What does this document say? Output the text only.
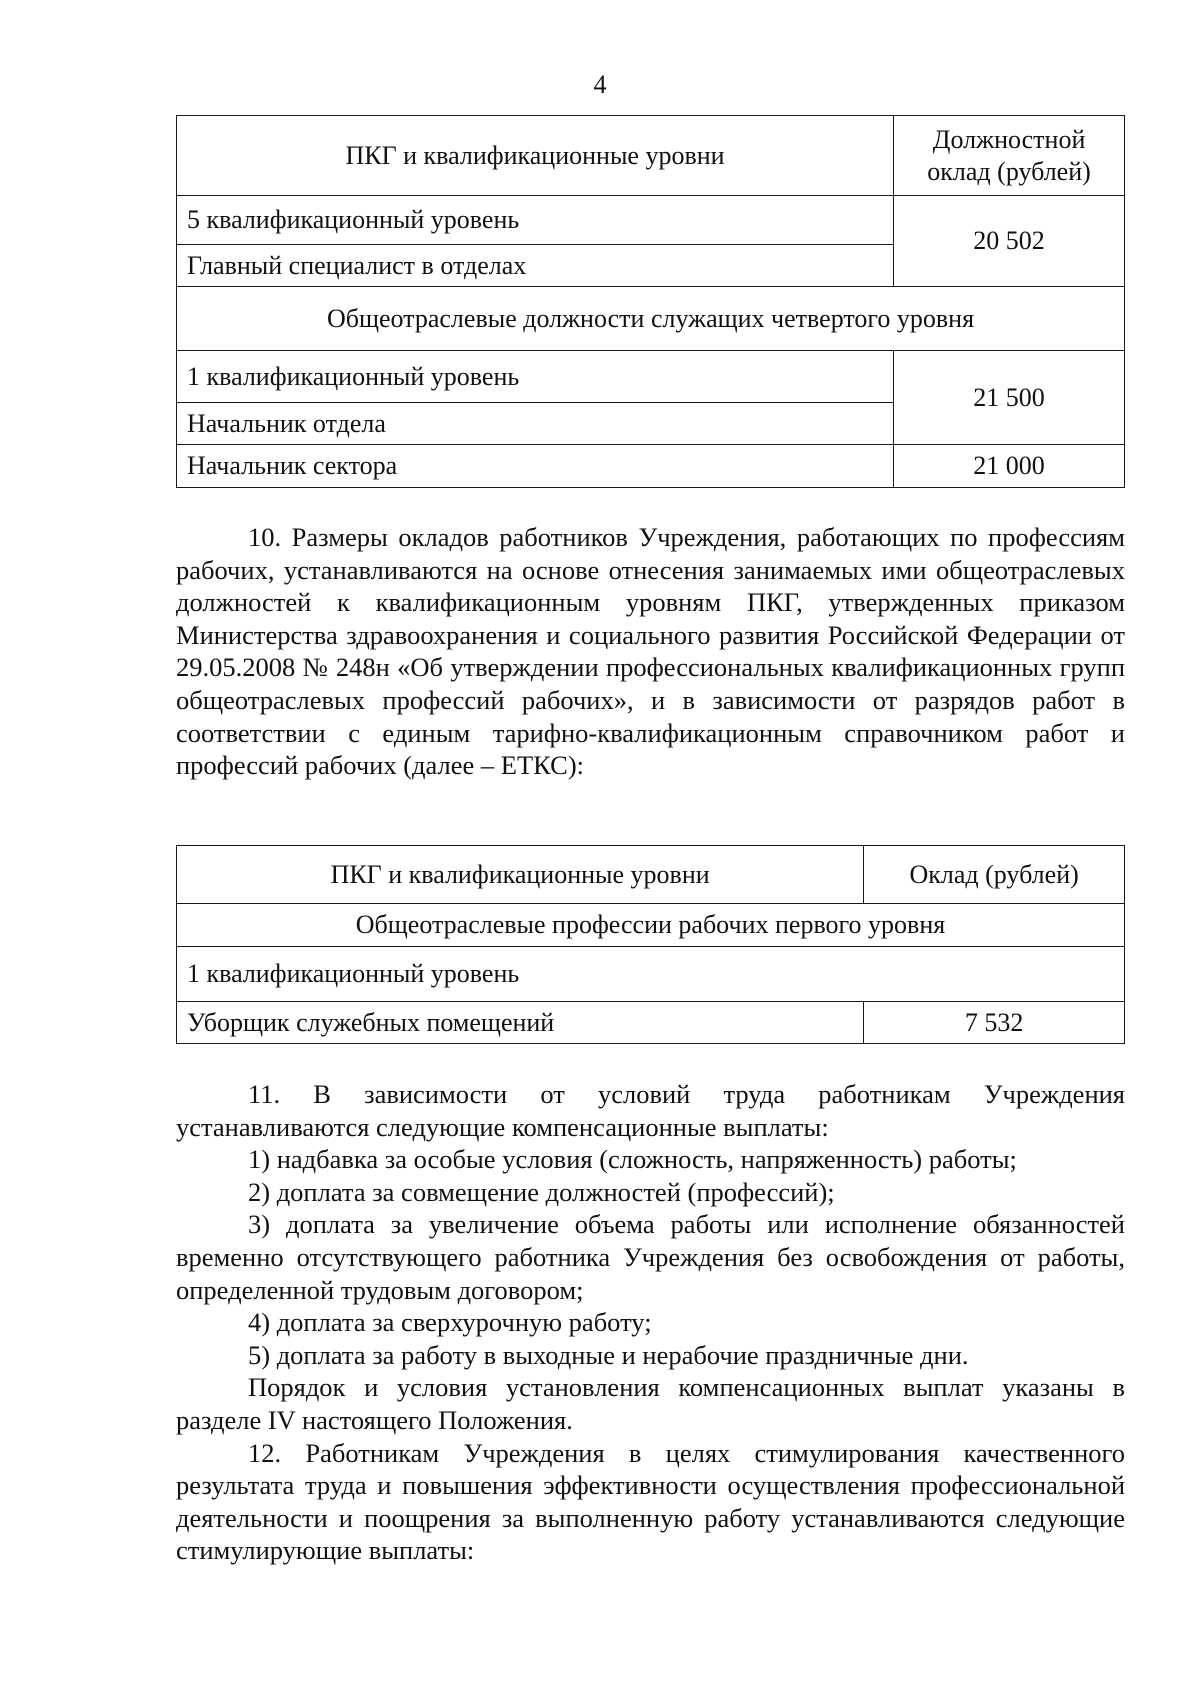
4
ПКГ и квалификационные уровни	Должностной
оклад (рублей)
5 квалификационный уровень	20 502
Главный специалист в отделах	
Общеотраслевые должности служащих четвертого уровня	
1 квалификационный уровень	21 500
Начальник отдела	
Начальник сектора	21 000

10. Размеры окладов работников Учреждения, работающих по профессиям рабочих, устанавливаются на основе отнесения занимаемых ими общеотраслевых должностей к квалификационным уровням ПКГ, утвержденных приказом Министерства здравоохранения и социального развития Российской Федерации от 29.05.2008 № 248н «Об утверждении профессиональных квалификационных групп общеотраслевых профессий рабочих», и в зависимости от разрядов работ в соответствии с единым тарифно-квалификационным справочником работ и профессий рабочих (далее – ЕТКС):

ПКГ и квалификационные уровни	Оклад (рублей)
Общеотраслевые профессии рабочих первого уровня	
1 квалификационный уровень	
Уборщик служебных помещений	7 532

11. В зависимости от условий труда работникам Учреждения устанавливаются следующие компенсационные выплаты:

1) надбавка за особые условия (сложность, напряженность) работы;

2) доплата за совмещение должностей (профессий);

3) доплата за увеличение объема работы или исполнение обязанностей временно отсутствующего работника Учреждения без освобождения от работы, определенной трудовым договором;

4) доплата за сверхурочную работу;

5) доплата за работу в выходные и нерабочие праздничные дни.

Порядок и условия установления компенсационных выплат указаны в разделе IV настоящего Положения.

12. Работникам Учреждения в целях стимулирования качественного результата труда и повышения эффективности осуществления профессиональной деятельности и поощрения за выполненную работу устанавливаются следующие стимулирующие выплаты:
